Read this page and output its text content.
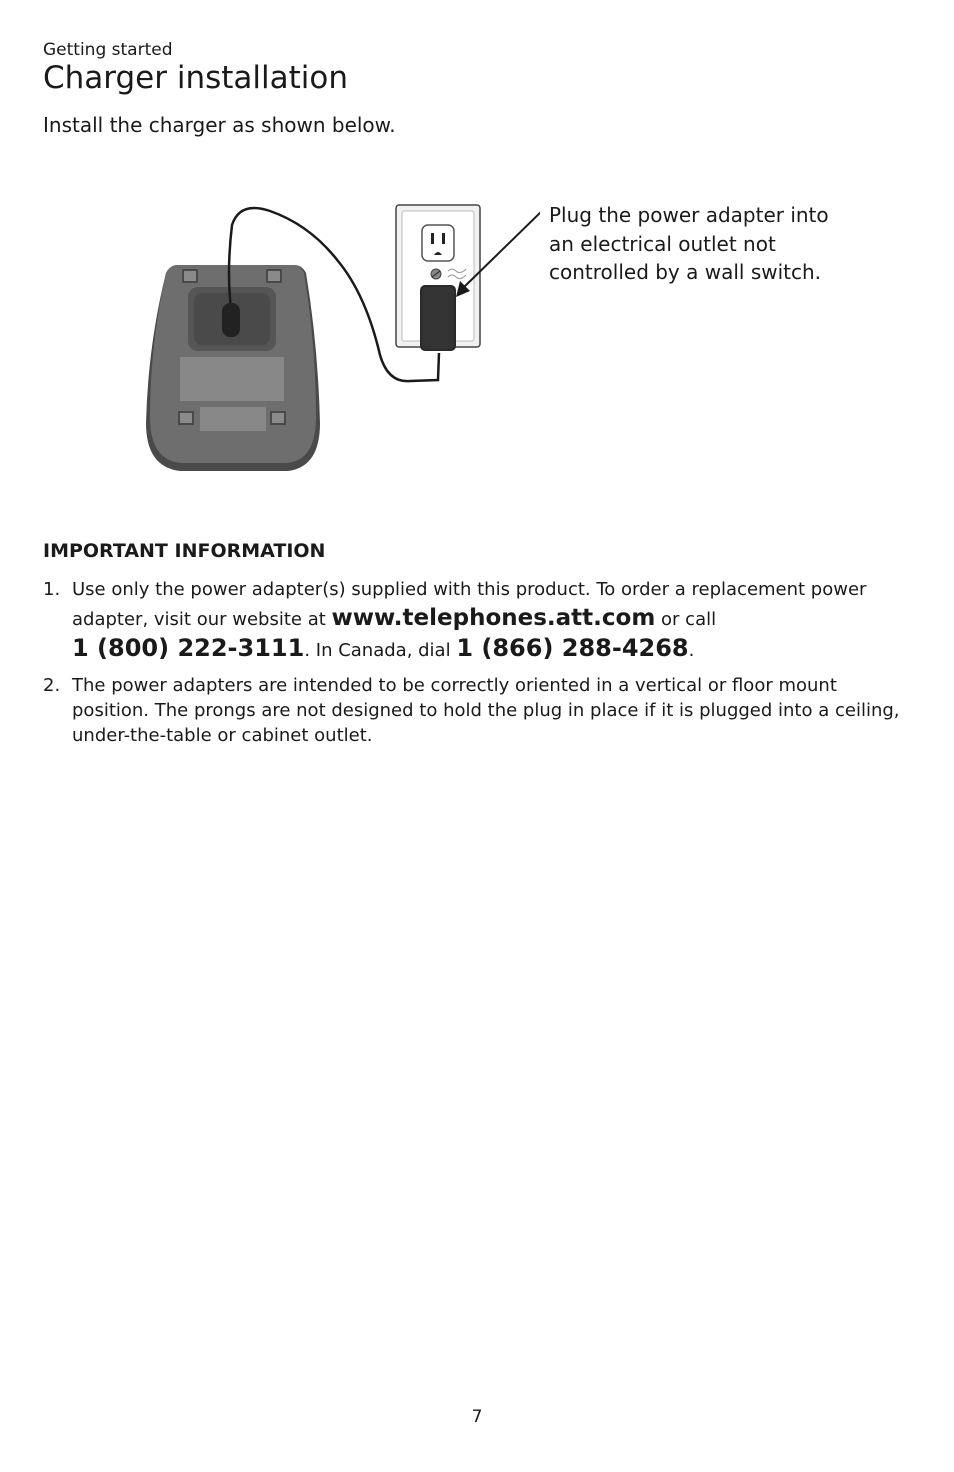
Getting started
Charger installation
Install the charger as shown below.
Plug the power adapter into an electrical outlet not controlled by a wall switch.
IMPORTANT INFORMATION
1. Use only the power adapter(s) supplied with this product. To order a replacement power adapter, visit our website at www.telephones.att.com or call
1 (800) 222-3111. In Canada, dial 1 (866) 288-4268.
2. The power adapters are intended to be correctly oriented in a vertical or floor mount position. The prongs are not designed to hold the plug in place if it is plugged into a ceiling, under-the-table or cabinet outlet.
7
